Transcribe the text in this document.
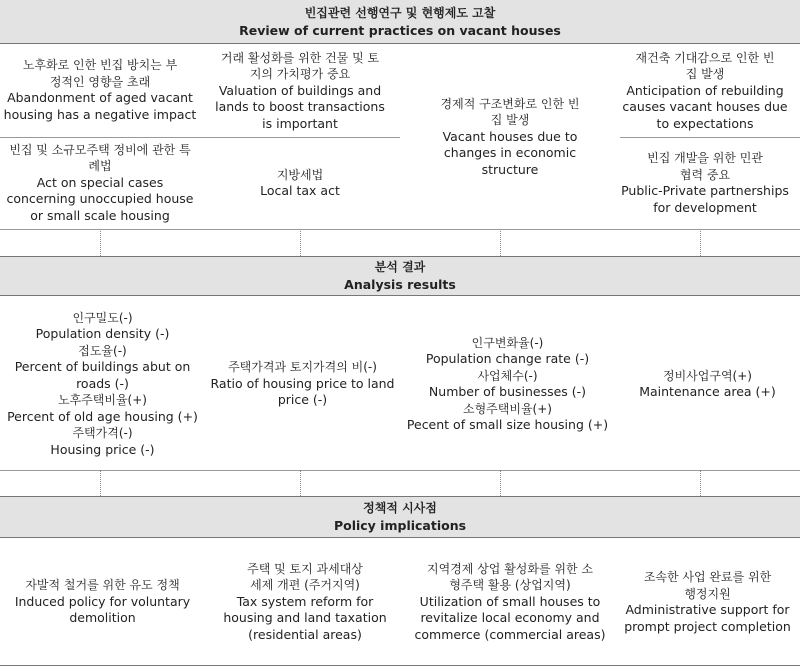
빈집관련 선행연구 및 현행제도 고찰
Review of current practices on vacant houses
노후화로 인한 빈집 방치는 부정적인 영향을 초래
Abandonment of aged vacant housing has a negative impact
거래 활성화를 위한 건물 및 토지의 가치평가 중요
Valuation of buildings and lands to boost transactions is important
경제적 구조변화로 인한 빈집 발생
Vacant houses due to changes in economic structure
재건축 기대감으로 인한 빈집 발생
Anticipation of rebuilding causes vacant houses due to expectations
빈집 및 소규모주택 정비에 관한 특례법
Act on special cases concerning unoccupied house or small scale housing
지방세법
Local tax act
빈집 개발을 위한 민관 협력 중요
Public-Private partnerships for development
분석 결과
Analysis results
인구밀도(-)
Population density (-)
접도율(-)
Percent of buildings abut on roads (-)
노후주택비율(+)
Percent of old age housing (+)
주택가격(-)
Housing price (-)
주택가격과 토지가격의 비(-)
Ratio of housing price to land price (-)
인구변화율(-)
Population change rate (-)
사업체수(-)
Number of businesses (-)
소형주택비율(+)
Pecent of small size housing (+)
정비사업구역(+)
Maintenance area (+)
정책적 시사점
Policy implications
자발적 철거를 위한 유도 정책
Induced policy for voluntary demolition
주택 및 토지 과세대상 세제 개편 (주거지역)
Tax system reform for housing and land taxation (residential areas)
지역경제 상업 활성화를 위한 소형주택 활용 (상업지역)
Utilization of small houses to revitalize local economy and commerce (commercial areas)
조속한 사업 완료를 위한 행정지원
Administrative support for prompt project completion
